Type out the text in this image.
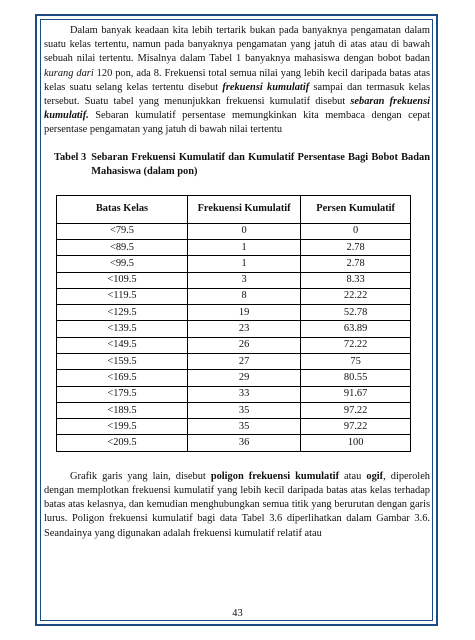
Dalam banyak keadaan kita lebih tertarik bukan pada banyaknya pengamatan dalam suatu kelas tertentu, namun pada banyaknya pengamatan yang jatuh di atas atau di bawah sebuah nilai tertentu. Misalnya dalam Tabel 1 banyaknya mahasiswa dengan bobot badan kurang dari 120 pon, ada 8. Frekuensi total semua nilai yang lebih kecil daripada batas atas kelas suatu selang kelas tertentu disebut frekuensi kumulatif sampai dan termasuk kelas tersebut. Suatu tabel yang menunjukkan frekuensi kumulatif disebut sebaran frekuensi kumulatif. Sebaran kumulatif persentase memungkinkan kita membaca dengan cepat persentase pengamatan yang jatuh di bawah nilai tertentu

Tabel 3 Sebaran Frekuensi Kumulatif dan Kumulatif Persentase Bagi Bobot Badan Mahasiswa (dalam pon)
Batas Kelas	Frekuensi Kumulatif	Persen Kumulatif
<79.5	0	0
<89.5	1	2.78
<99.5	1	2.78
<109.5	3	8.33
<119.5	8	22.22
<129.5	19	52.78
<139.5	23	63.89
<149.5	26	72.22
<159.5	27	75
<169.5	29	80.55
<179.5	33	91.67
<189.5	35	97.22
<199.5	35	97.22
<209.5	36	100

Grafik garis yang lain, disebut poligon frekuensi kumulatif atau ogif, diperoleh dengan memplotkan frekuensi kumulatif yang lebih kecil daripada batas atas kelas terhadap batas atas kelasnya, dan kemudian menghubungkan semua titik yang berurutan dengan garis lurus. Poligon frekuensi kumulatif bagi data Tabel 3.6 diperlihatkan dalam Gambar 3.6. Seandainya yang digunakan adalah frekuensi kumulatif relatif atau

43
